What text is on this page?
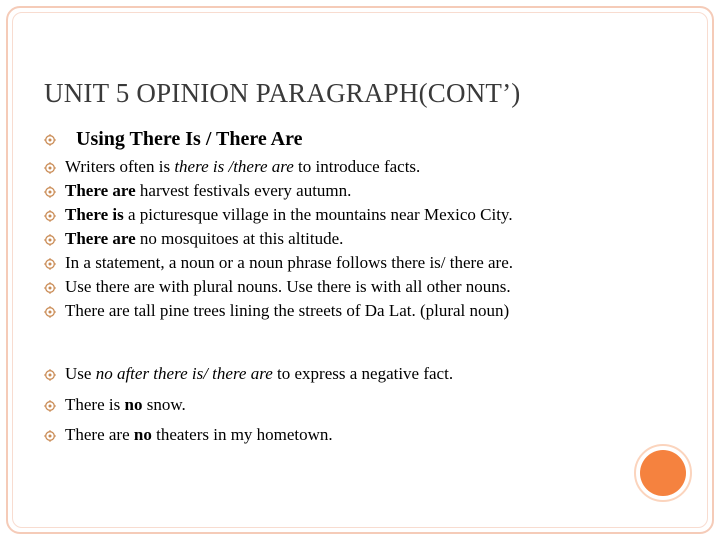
UNIT 5 OPINION PARAGRAPH(CONT’)
Using There Is / There Are
Writers often is there is /there are to introduce facts.
There are harvest festivals every autumn.
There is a picturesque village in the mountains near Mexico City.
There are no mosquitoes at this altitude.
In a statement, a noun or a noun phrase follows there is/ there are.
Use there are with plural nouns. Use there is with all other nouns.
There are tall pine trees lining the streets of Da Lat. (plural noun)
Use no after there is/ there are to express a negative fact.
There is no snow.
There are no theaters in my hometown.
